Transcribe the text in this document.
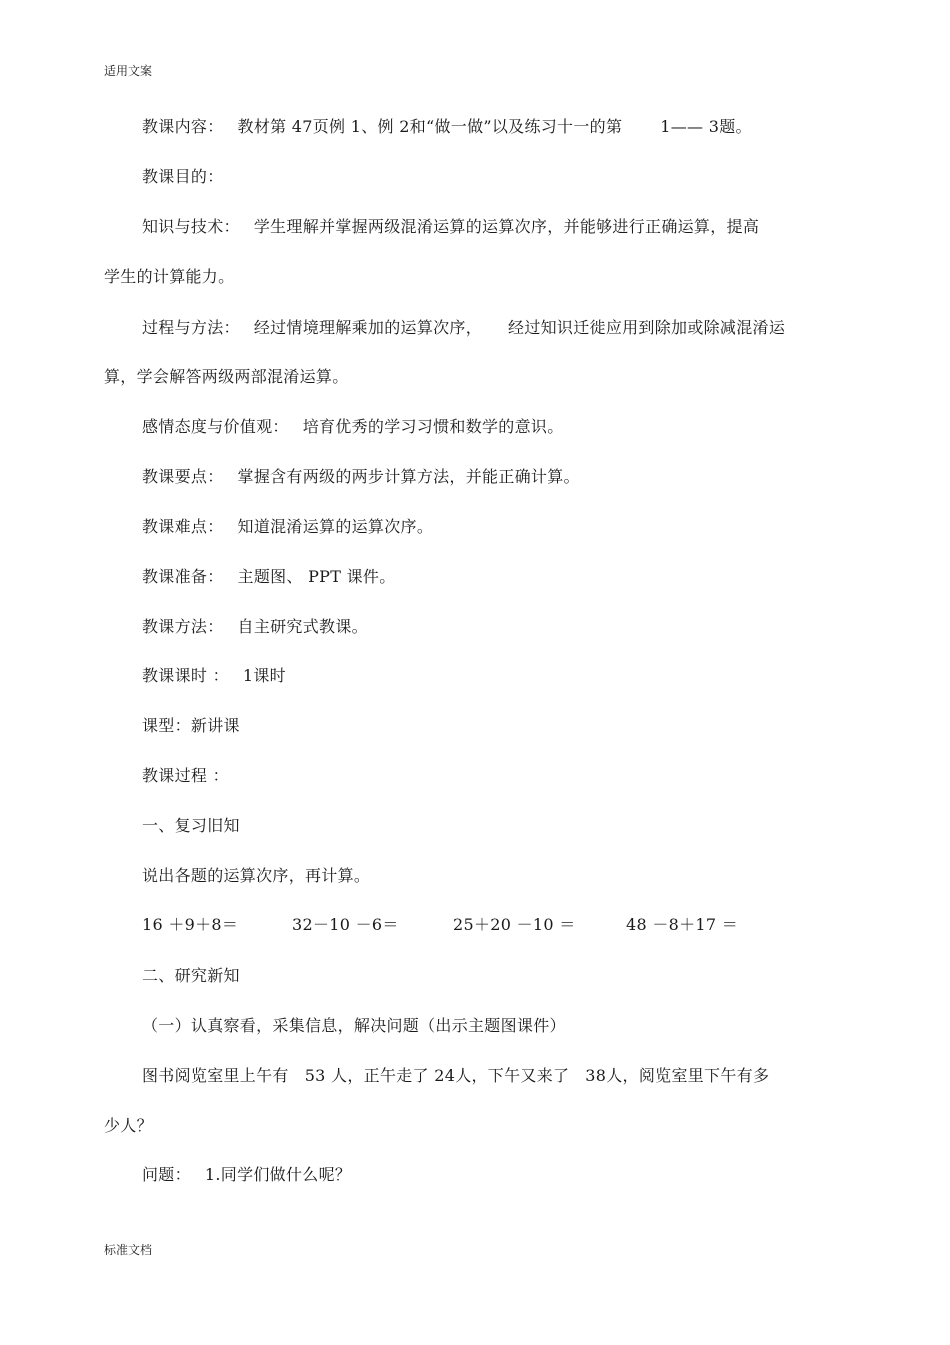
适用文案
教课内容： 教材第 47页例 1、例 2和“做一做”以及练习十一的第 1—— 3题。
教课目的：
知识与技术： 学生理解并掌握两级混淆运算的运算次序，并能够进行正确运算，提高
学生的计算能力。
过程与方法： 经过情境理解乘加的运算次序， 经过知识迁徙应用到除加或除减混淆运
算，学会解答两级两部混淆运算。
感情态度与价值观： 培育优秀的学习习惯和数学的意识。
教课要点： 掌握含有两级的两步计算方法，并能正确计算。
教课难点： 知道混淆运算的运算次序。
教课准备： 主题图、 PPT 课件。
教课方法： 自主研究式教课。
教课课时 ： 1课时
课型：新讲课
教课过程 ：
一、复习旧知
说出各题的运算次序，再计算。
16 ＋9＋8＝	32－10 －6＝	25＋20 －10 ＝	48 －8＋17 ＝
二、研究新知
（一）认真察看，采集信息，解决问题（出示主题图课件）
图书阅览室里上午有 53 人，正午走了 24人，下午又来了 38人，阅览室里下午有多
少人？
问题： 1.同学们做什么呢？
标准文档
